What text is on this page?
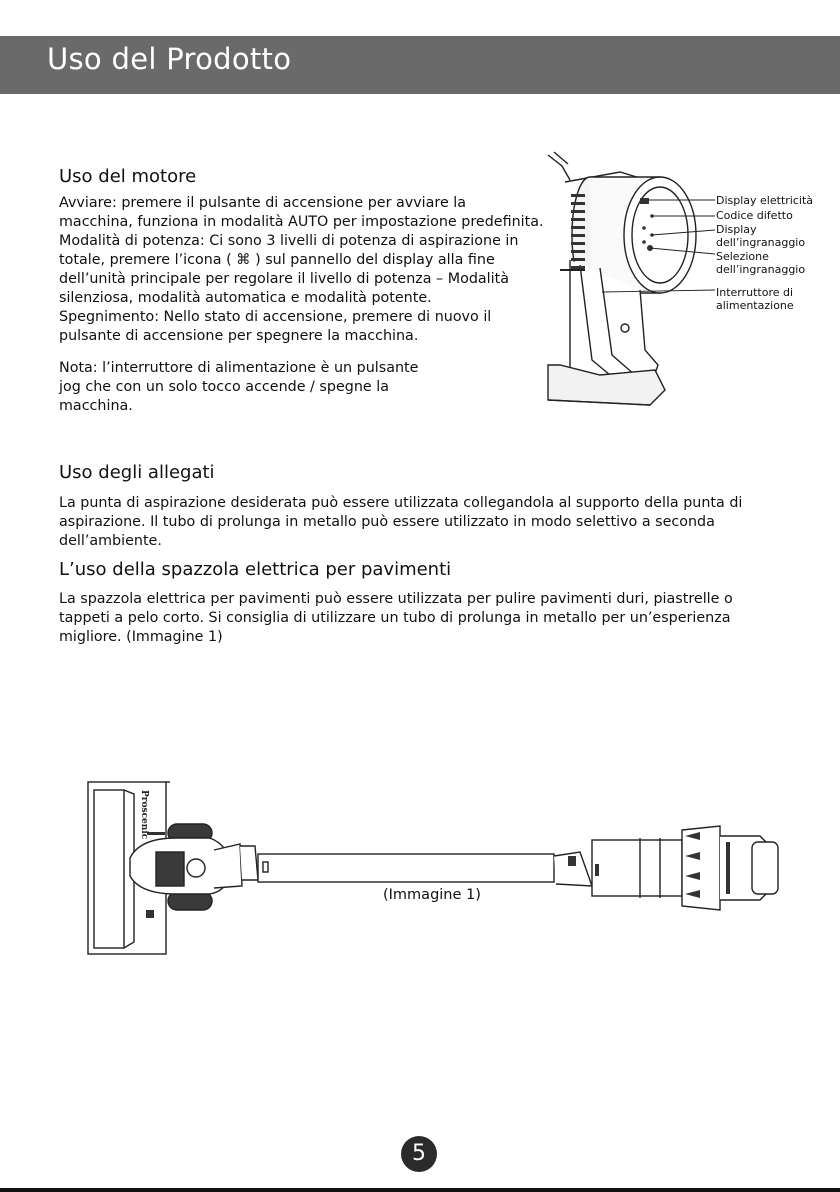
Uso del Prodotto
Uso del motore
Avviare: premere il pulsante di accensione per avviare la
macchina, funziona in modalità AUTO per impostazione predefinita.
Modalità di potenza: Ci sono 3 livelli di potenza di aspirazione in
totale, premere l’icona ( ⌘ ) sul pannello del display alla fine
dell’unità principale per regolare il livello di potenza – Modalità
silenziosa, modalità automatica e modalità potente.
Spegnimento: Nello stato di accensione, premere di nuovo il
pulsante di accensione per spegnere la macchina.
Nota: l’interruttore di alimentazione è un pulsante
jog che con un solo tocco accende / spegne la
macchina.
Display elettricità
Codice difetto
Display
dell’ingranaggio
Selezione
dell’ingranaggio
Interruttore di
alimentazione
Uso degli allegati
La punta di aspirazione desiderata può essere utilizzata collegandola al supporto della punta di
aspirazione. Il tubo di prolunga in metallo può essere utilizzato in modo selettivo a seconda
dell’ambiente.
L’uso della spazzola elettrica per pavimenti
La spazzola elettrica per pavimenti può essere utilizzata per pulire pavimenti duri, piastrelle o
tappeti a pelo corto. Si consiglia di utilizzare un tubo di prolunga in metallo per un’esperienza
migliore. (Immagine 1)
Proscenic
(Immagine 1)
5
